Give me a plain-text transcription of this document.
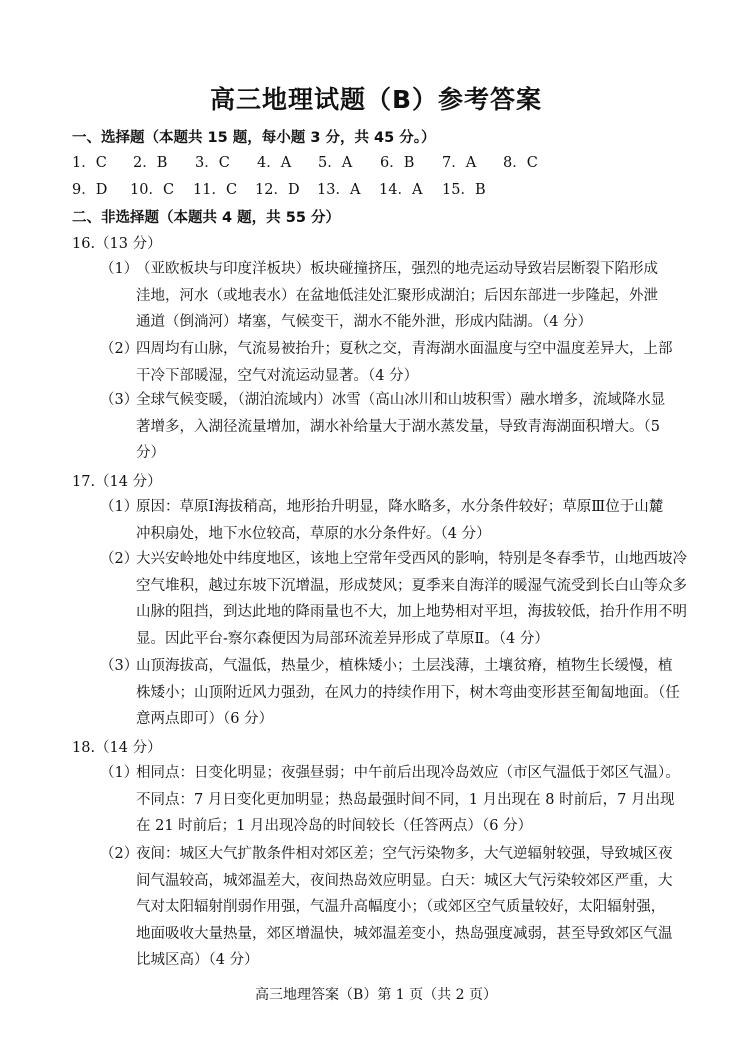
高三地理试题（B）参考答案
一、选择题（本题共 15 题，每小题 3 分，共 45 分。）
1．C 2．B 3．C 4．A 5．A 6．B 7．A 8．C
9．D 10．C 11．C 12．D 13．A 14．A 15．B
二、非选择题（本题共 4 题，共 55 分）
16.（13 分）
（1）
（亚欧板块与印度洋板块）板块碰撞挤压，强烈的地壳运动导致岩层断裂下陷形成
洼地，河水（或地表水）在盆地低洼处汇聚形成湖泊；后因东部进一步隆起，外泄
通道（倒淌河）堵塞，气候变干，湖水不能外泄，形成内陆湖。（4 分）
（2）
四周均有山脉，气流易被抬升；夏秋之交，青海湖水面温度与空中温度差异大，上部
干冷下部暖湿，空气对流运动显著。（4 分）
（3）
全球气候变暖，（湖泊流域内）冰雪（高山冰川和山坡积雪）融水增多，流域降水显
著增多，入湖径流量增加，湖水补给量大于湖水蒸发量，导致青海湖面积增大。（5
分）
17.（14 分）
（1）
原因：草原Ⅰ海拔稍高，地形抬升明显，降水略多，水分条件较好；草原Ⅲ位于山麓
冲积扇处，地下水位较高，草原的水分条件好。（4 分）
（2）
大兴安岭地处中纬度地区，该地上空常年受西风的影响，特别是冬春季节，山地西坡冷
空气堆积，越过东坡下沉增温，形成焚风；夏季来自海洋的暖湿气流受到长白山等众多
山脉的阻挡，到达此地的降雨量也不大，加上地势相对平坦，海拔较低，抬升作用不明
显。因此平台-察尔森便因为局部环流差异形成了草原Ⅱ。（4 分）
（3）
山顶海拔高，气温低，热量少，植株矮小；土层浅薄，土壤贫瘠，植物生长缓慢，植
株矮小；山顶附近风力强劲，在风力的持续作用下，树木弯曲变形甚至匍匐地面。（任
意两点即可）（6 分）
18.（14 分）
（1）
相同点：日变化明显；夜强昼弱；中午前后出现冷岛效应（市区气温低于郊区气温）。
不同点：7 月日变化更加明显；热岛最强时间不同，1 月出现在 8 时前后，7 月出现
在 21 时前后；1 月出现冷岛的时间较长（任答两点）（6 分）
（2）
夜间：城区大气扩散条件相对郊区差；空气污染物多，大气逆辐射较强，导致城区夜
间气温较高，城郊温差大，夜间热岛效应明显。白天：城区大气污染较郊区严重，大
气对太阳辐射削弱作用强，气温升高幅度小；（或郊区空气质量较好，太阳辐射强，
地面吸收大量热量，郊区增温快，城郊温差变小，热岛强度减弱，甚至导致郊区气温
比城区高）（4 分）
高三地理答案（B）第 1 页（共 2 页）
